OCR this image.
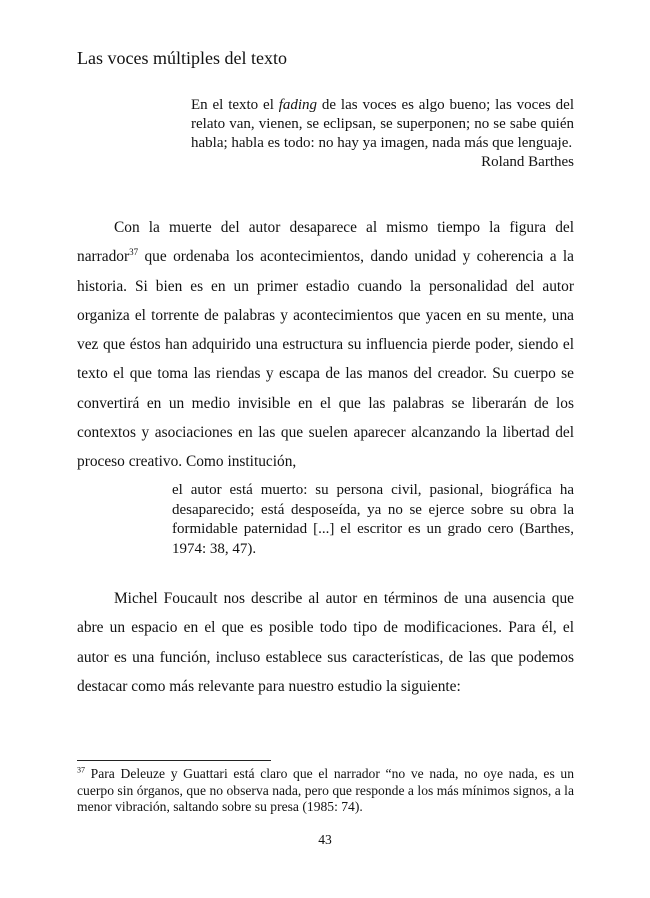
Las voces múltiples del texto

En el texto el fading de las voces es algo bueno; las voces del relato van, vienen, se eclipsan, se superponen; no se sabe quién habla; habla es todo: no hay ya imagen, nada más que lenguaje.

Roland Barthes

Con la muerte del autor desaparece al mismo tiempo la figura del narrador$^{37}$ que ordenaba los acontecimientos, dando unidad y coherencia a la historia. Si bien es en un primer estadio cuando la personalidad del autor organiza el torrente de palabras y acontecimientos que yacen en su mente, una vez que éstos han adquirido una estructura su influencia pierde poder, siendo el texto el que toma las riendas y escapa de las manos del creador. Su cuerpo se convertirá en un medio invisible en el que las palabras se liberarán de los contextos y asociaciones en las que suelen aparecer alcanzando la libertad del proceso creativo. Como institución,

el autor está muerto: su persona civil, pasional, biográfica ha desaparecido; está desposeída, ya no se ejerce sobre su obra la formidable paternidad [...] el escritor es un grado cero (Barthes, 1974: 38, 47).

Michel Foucault nos describe al autor en términos de una ausencia que abre un espacio en el que es posible todo tipo de modificaciones. Para él, el autor es una función, incluso establece sus características, de las que podemos destacar como más relevante para nuestro estudio la siguiente:

$^{37}$ Para Deleuze y Guattari está claro que el narrador “no ve nada, no oye nada, es un cuerpo sin órganos, que no observa nada, pero que responde a los más mínimos signos, a la menor vibración, saltando sobre su presa (1985: 74).

43
